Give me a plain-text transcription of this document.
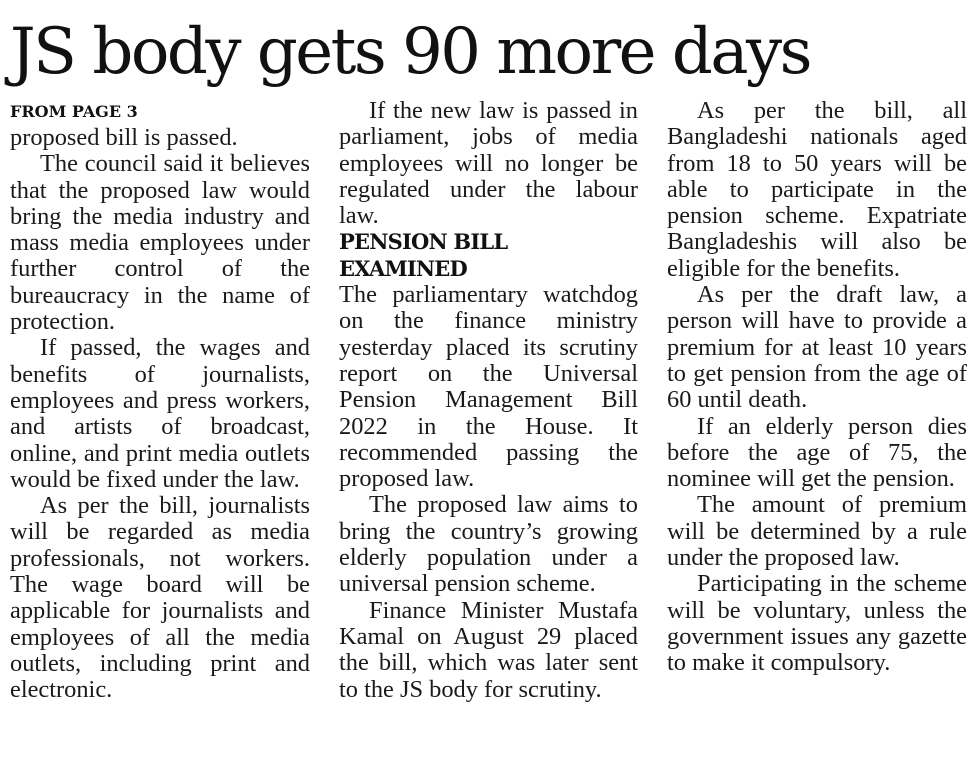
JS body gets 90 more days
FROM PAGE 3

proposed bill is passed.

The council said it believes that the proposed law would bring the media industry and mass media employees under further control of the bureaucracy in the name of protection.

If passed, the wages and benefits of journalists, employees and press workers, and artists of broadcast, online, and print media outlets would be fixed under the law.

As per the bill, journalists will be regarded as media professionals, not workers. The wage board will be applicable for journalists and employees of all the media outlets, including print and electronic.

If the new law is passed in parliament, jobs of media employees will no longer be regulated under the labour law.

PENSION BILL EXAMINED

The parliamentary watchdog on the finance ministry yesterday placed its scrutiny report on the Universal Pension Management Bill 2022 in the House. It recommended passing the proposed law.

The proposed law aims to bring the country’s growing elderly population under a universal pension scheme.

Finance Minister Mustafa Kamal on August 29 placed the bill, which was later sent to the JS body for scrutiny.

As per the bill, all Bangladeshi nationals aged from 18 to 50 years will be able to participate in the pension scheme. Expatriate Bangladeshis will also be eligible for the benefits.

As per the draft law, a person will have to provide a premium for at least 10 years to get pension from the age of 60 until death.

If an elderly person dies before the age of 75, the nominee will get the pension.

The amount of premium will be determined by a rule under the proposed law.

Participating in the scheme will be voluntary, unless the government issues any gazette to make it compulsory.
